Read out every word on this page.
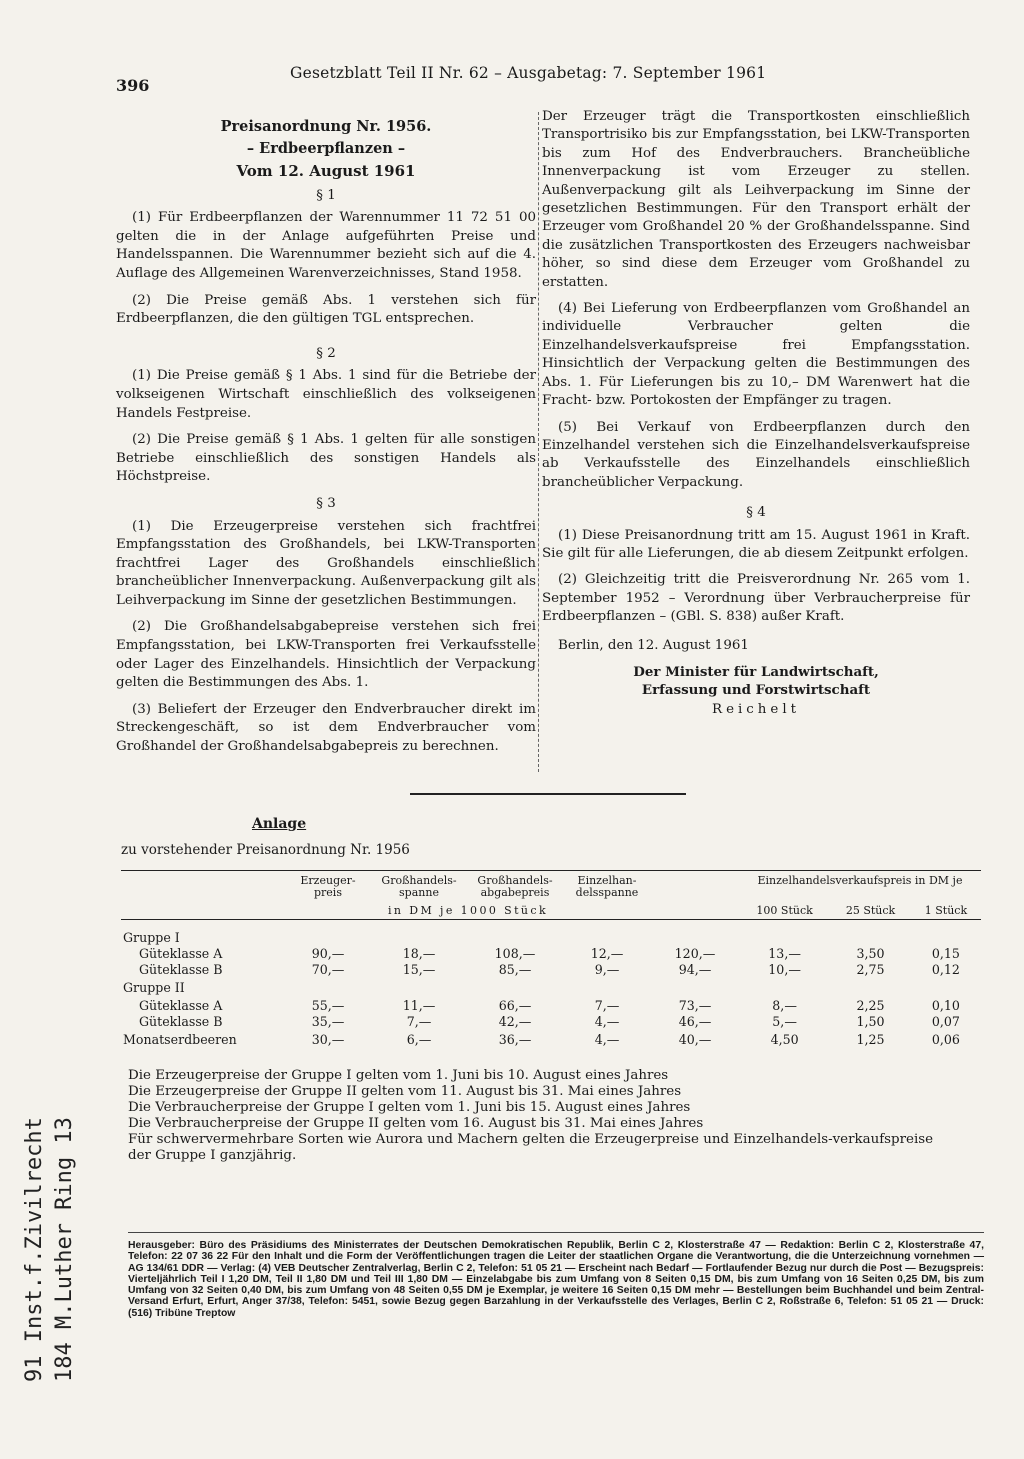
396
Gesetzblatt Teil II Nr. 62 – Ausgabetag: 7. September 1961

Preisanordnung Nr. 1956.

– Erdbeerpflanzen –

Vom 12. August 1961

§ 1

(1) Für Erdbeerpflanzen der Warennummer 11 72 51 00 gelten die in der Anlage aufgeführten Preise und Handelsspannen. Die Warennummer bezieht sich auf die 4. Auflage des Allgemeinen Warenverzeichnisses, Stand 1958.

(2) Die Preise gemäß Abs. 1 verstehen sich für Erdbeerpflanzen, die den gültigen TGL entsprechen.

§ 2

(1) Die Preise gemäß § 1 Abs. 1 sind für die Betriebe der volkseigenen Wirtschaft einschließlich des volkseigenen Handels Festpreise.

(2) Die Preise gemäß § 1 Abs. 1 gelten für alle sonstigen Betriebe einschließlich des sonstigen Handels als Höchstpreise.

§ 3

(1) Die Erzeugerpreise verstehen sich frachtfrei Empfangsstation des Großhandels, bei LKW-Transporten frachtfrei Lager des Großhandels einschließlich brancheüblicher Innenverpackung. Außenverpackung gilt als Leihverpackung im Sinne der gesetzlichen Bestimmungen.

(2) Die Großhandelsabgabepreise verstehen sich frei Empfangsstation, bei LKW-Transporten frei Verkaufsstelle oder Lager des Einzelhandels. Hinsichtlich der Verpackung gelten die Bestimmungen des Abs. 1.

(3) Beliefert der Erzeuger den Endverbraucher direkt im Streckengeschäft, so ist dem Endverbraucher vom Großhandel der Großhandelsabgabepreis zu berechnen.

Der Erzeuger trägt die Transportkosten einschließlich Transportrisiko bis zur Empfangsstation, bei LKW-Transporten bis zum Hof des Endverbrauchers. Brancheübliche Innenverpackung ist vom Erzeuger zu stellen. Außenverpackung gilt als Leihverpackung im Sinne der gesetzlichen Bestimmungen. Für den Transport erhält der Erzeuger vom Großhandel 20 % der Großhandelsspanne. Sind die zusätzlichen Transportkosten des Erzeugers nachweisbar höher, so sind diese dem Erzeuger vom Großhandel zu erstatten.

(4) Bei Lieferung von Erdbeerpflanzen vom Großhandel an individuelle Verbraucher gelten die Einzelhandelsverkaufspreise frei Empfangsstation. Hinsichtlich der Verpackung gelten die Bestimmungen des Abs. 1. Für Lieferungen bis zu 10,– DM Warenwert hat die Fracht- bzw. Portokosten der Empfänger zu tragen.

(5) Bei Verkauf von Erdbeerpflanzen durch den Einzelhandel verstehen sich die Einzelhandelsverkaufspreise ab Verkaufsstelle des Einzelhandels einschließlich brancheüblicher Verpackung.

§ 4

(1) Diese Preisanordnung tritt am 15. August 1961 in Kraft. Sie gilt für alle Lieferungen, die ab diesem Zeitpunkt erfolgen.

(2) Gleichzeitig tritt die Preisverordnung Nr. 265 vom 1. September 1952 – Verordnung über Verbraucherpreise für Erdbeerpflanzen – (GBl. S. 838) außer Kraft.

Berlin, den 12. August 1961

Der Minister für Landwirtschaft,

Erfassung und Forstwirtschaft

Reichelt

Anlage
zu vorstehender Preisanordnung Nr. 1956
	Erzeuger-preis	Großhandels-spanne	Großhandels-abgabepreis	Einzelhan-delsspanne		Einzelhandelsverkaufspreis in DM je		
	in DM je 1000 Stück					100 Stück	25 Stück	1 Stück

Gruppe I								
Güteklasse A	90,—	18,—	108,—	12,—	120,—	13,—	3,50	0,15
Güteklasse B	70,—	15,—	85,—	9,—	94,—	10,—	2,75	0,12
Gruppe II								
Güteklasse A	55,—	11,—	66,—	7,—	73,—	8,—	2,25	0,10
Güteklasse B	35,—	7,—	42,—	4,—	46,—	5,—	1,50	0,07
Monatserdbeeren	30,—	6,—	36,—	4,—	40,—	4,50	1,25	0,06
Die Erzeugerpreise der Gruppe I gelten vom 1. Juni bis 10. August eines Jahres
Die Erzeugerpreise der Gruppe II gelten vom 11. August bis 31. Mai eines Jahres
Die Verbraucherpreise der Gruppe I gelten vom 1. Juni bis 15. August eines Jahres
Die Verbraucherpreise der Gruppe II gelten vom 16. August bis 31. Mai eines Jahres
Für schwervermehrbare Sorten wie Aurora und Machern gelten die Erzeugerpreise und Einzelhandels-verkaufspreise der Gruppe I ganzjährig.
Herausgeber: Büro des Präsidiums des Ministerrates der Deutschen Demokratischen Republik, Berlin C 2, Klosterstraße 47 — Redaktion: Berlin C 2, Klosterstraße 47, Telefon: 22 07 36 22 Für den Inhalt und die Form der Veröffentlichungen tragen die Leiter der staatlichen Organe die Verantwortung, die die Unterzeichnung vornehmen — AG 134/61 DDR — Verlag: (4) VEB Deutscher Zentralverlag, Berlin C 2, Telefon: 51 05 21 — Erscheint nach Bedarf — Fortlaufender Bezug nur durch die Post — Bezugspreis: Vierteljährlich Teil I 1,20 DM, Teil II 1,80 DM und Teil III 1,80 DM — Einzelabgabe bis zum Umfang von 8 Seiten 0,15 DM, bis zum Umfang von 16 Seiten 0,25 DM, bis zum Umfang von 32 Seiten 0,40 DM, bis zum Umfang von 48 Seiten 0,55 DM je Exemplar, je weitere 16 Seiten 0,15 DM mehr — Bestellungen beim Buchhandel und beim Zentral-Versand Erfurt, Erfurt, Anger 37/38, Telefon: 5451, sowie Bezug gegen Barzahlung in der Verkaufsstelle des Verlages, Berlin C 2, Roßstraße 6, Telefon: 51 05 21 — Druck: (516) Tribüne Treptow
91 Inst.f.Zivilrecht 184 M.Luther Ring 13
